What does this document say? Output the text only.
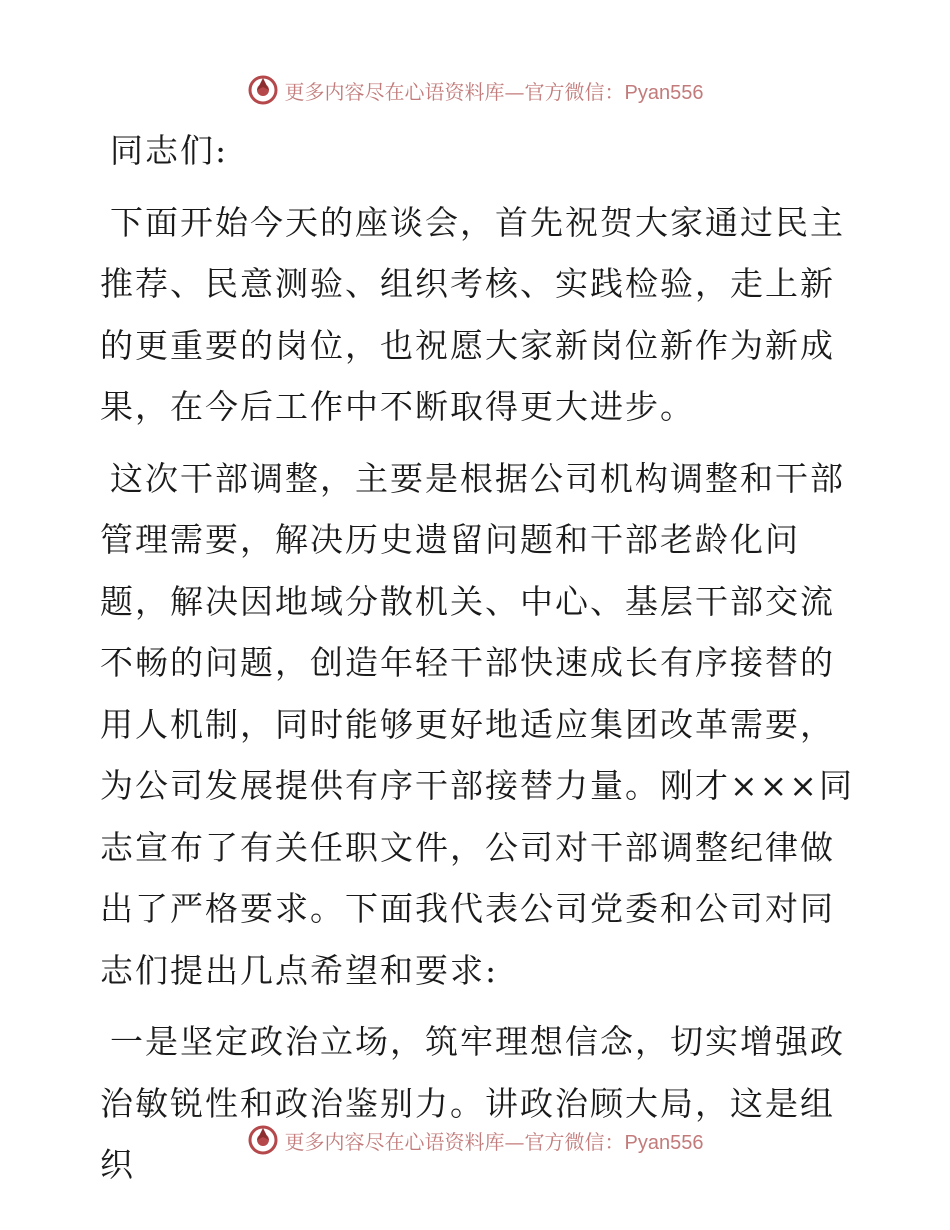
更多内容尽在心语资料库—官方微信：Pyan556

同志们:

下面开始今天的座谈会，首先祝贺大家通过民主推荐、民意测验、组织考核、实践检验，走上新的更重要的岗位，也祝愿大家新岗位新作为新成果，在今后工作中不断取得更大进步。

这次干部调整，主要是根据公司机构调整和干部管理需要，解决历史遗留问题和干部老龄化问题，解决因地域分散机关、中心、基层干部交流不畅的问题，创造年轻干部快速成长有序接替的用人机制，同时能够更好地适应集团改革需要，为公司发展提供有序干部接替力量。刚才×××同志宣布了有关任职文件，公司对干部调整纪律做出了严格要求。下面我代表公司党委和公司对同志们提出几点希望和要求:

一是坚定政治立场，筑牢理想信念，切实增强政治敏锐性和政治鉴别力。讲政治顾大局，这是组织

更多内容尽在心语资料库—官方微信：Pyan556
